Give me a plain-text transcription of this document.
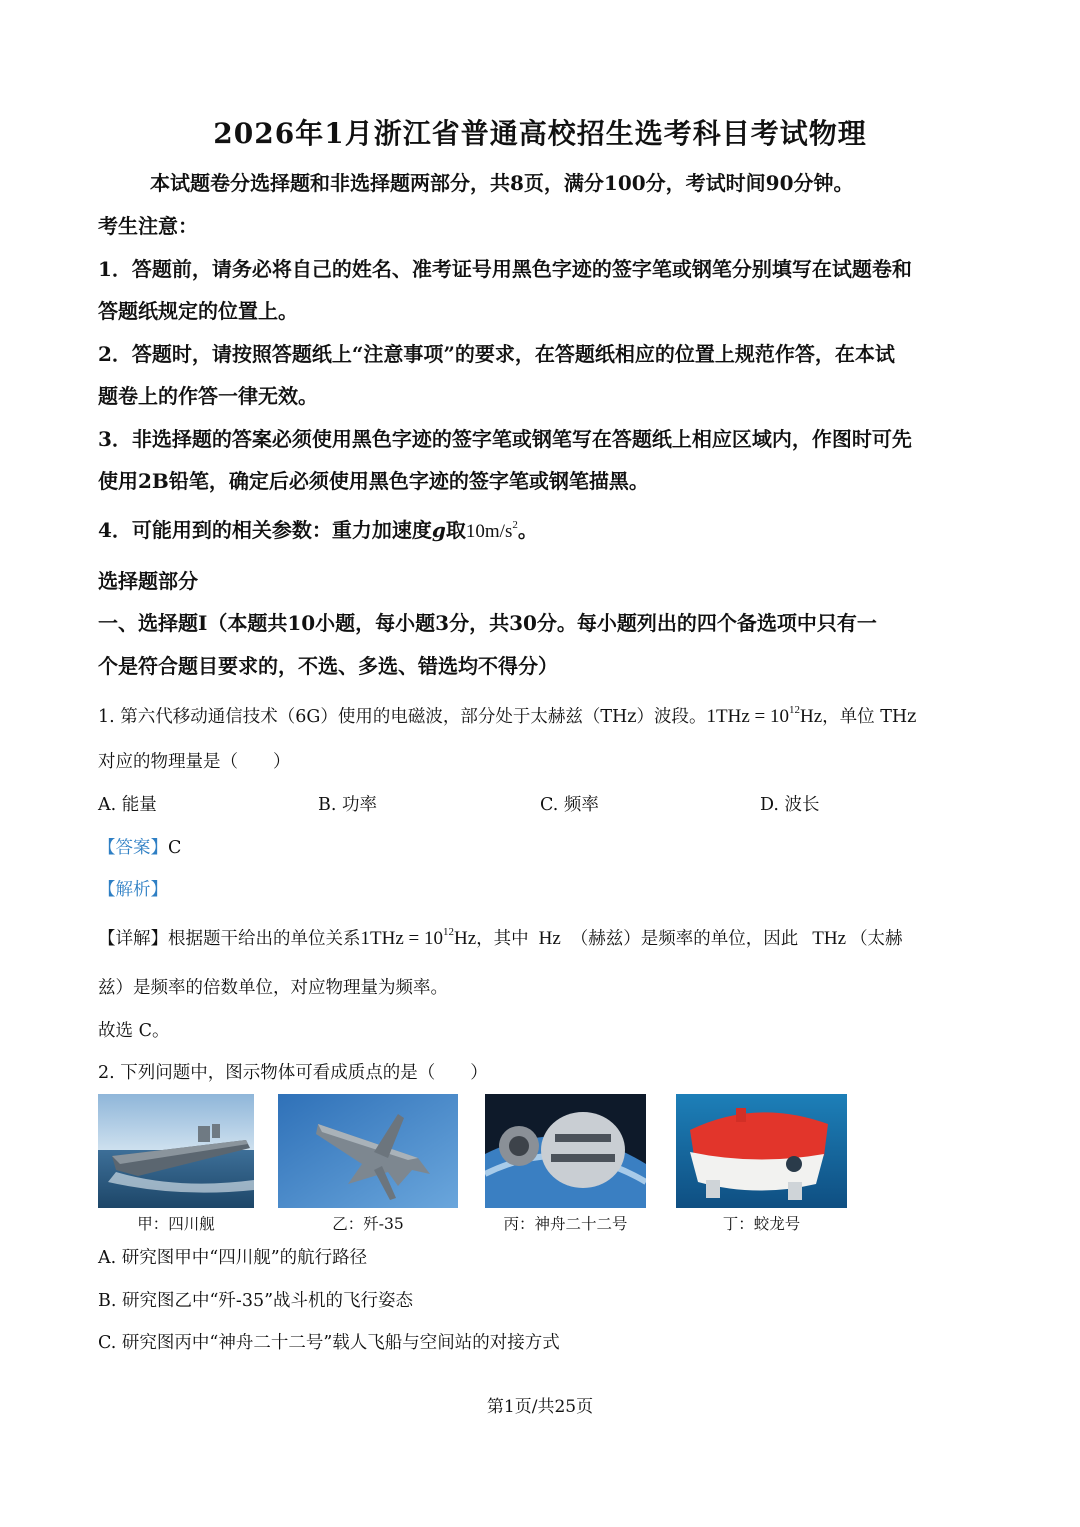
2026年1月浙江省普通高校招生选考科目考试物理
本试题卷分选择题和非选择题两部分，共8页，满分100分，考试时间90分钟。
考生注意：
1．答题前，请务必将自己的姓名、准考证号用黑色字迹的签字笔或钢笔分别填写在试题卷和
答题纸规定的位置上。
2．答题时，请按照答题纸上“注意事项”的要求，在答题纸相应的位置上规范作答，在本试
题卷上的作答一律无效。
3．非选择题的答案必须使用黑色字迹的签字笔或钢笔写在答题纸上相应区域内，作图时可先
使用2B铅笔，确定后必须使用黑色字迹的签字笔或钢笔描黑。
4．可能用到的相关参数：重力加速度g取$10m/s^2$。
选择题部分
一、选择题Ⅰ（本题共10小题，每小题3分，共30分。每小题列出的四个备选项中只有一
个是符合题目要求的，不选、多选、错选均不得分）
1. 第六代移动通信技术（6G）使用的电磁波，部分处于太赫兹（THz）波段。$1THz = 10^{12}Hz$，单位 THz
对应的物理量是（　　）
A. 能量	B. 功率	C. 频率	D. 波长
【答案】C
【解析】
【详解】根据题干给出的单位关系$1THz = 10^{12}Hz$，其中 Hz （赫兹）是频率的单位，因此 THz （太赫
兹）是频率的倍数单位，对应物理量为频率。
故选 C。
2. 下列问题中，图示物体可看成质点的是（　　）
甲：四川舰	乙：歼-35	丙：神舟二十二号	丁：蛟龙号
A. 研究图甲中“四川舰”的航行路径
B. 研究图乙中“歼-35”战斗机的飞行姿态
C. 研究图丙中“神舟二十二号”载人飞船与空间站的对接方式
第1页/共25页
